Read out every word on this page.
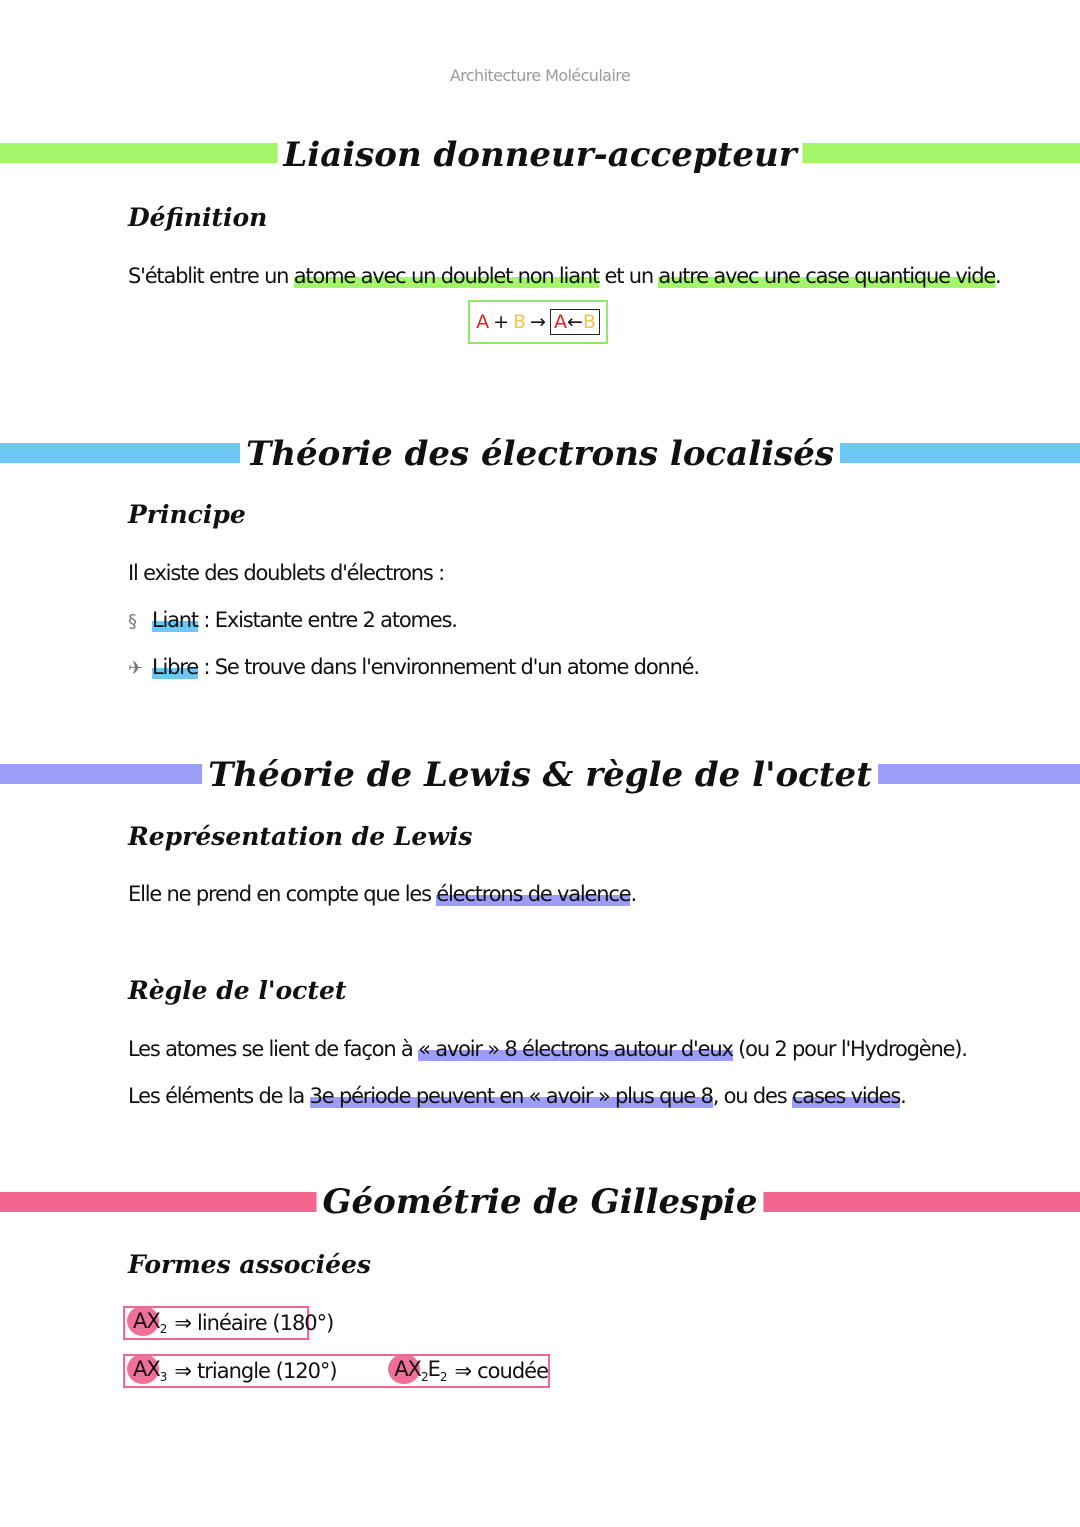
Architecture Moléculaire
Liaison donneur-accepteur
Définition
S'établit entre un atome avec un doublet non liant et un autre avec une case quantique vide.
A + B → A←B
Théorie des électrons localisés
Principe
Il existe des doublets d'électrons :
§ Liant : Existante entre 2 atomes.
✈ Libre : Se trouve dans l'environnement d'un atome donné.
Théorie de Lewis & règle de l'octet
Représentation de Lewis
Elle ne prend en compte que les électrons de valence.
Règle de l'octet
Les atomes se lient de façon à « avoir » 8 électrons autour d'eux (ou 2 pour l'Hydrogène).
Les éléments de la 3e période peuvent en « avoir » plus que 8, ou des cases vides.
Géométrie de Gillespie
Formes associées
$AX_2$ ⇒ linéaire (180°)
$AX_3$ ⇒ triangle (120°)	$AX_2E_2$ ⇒ coudée
